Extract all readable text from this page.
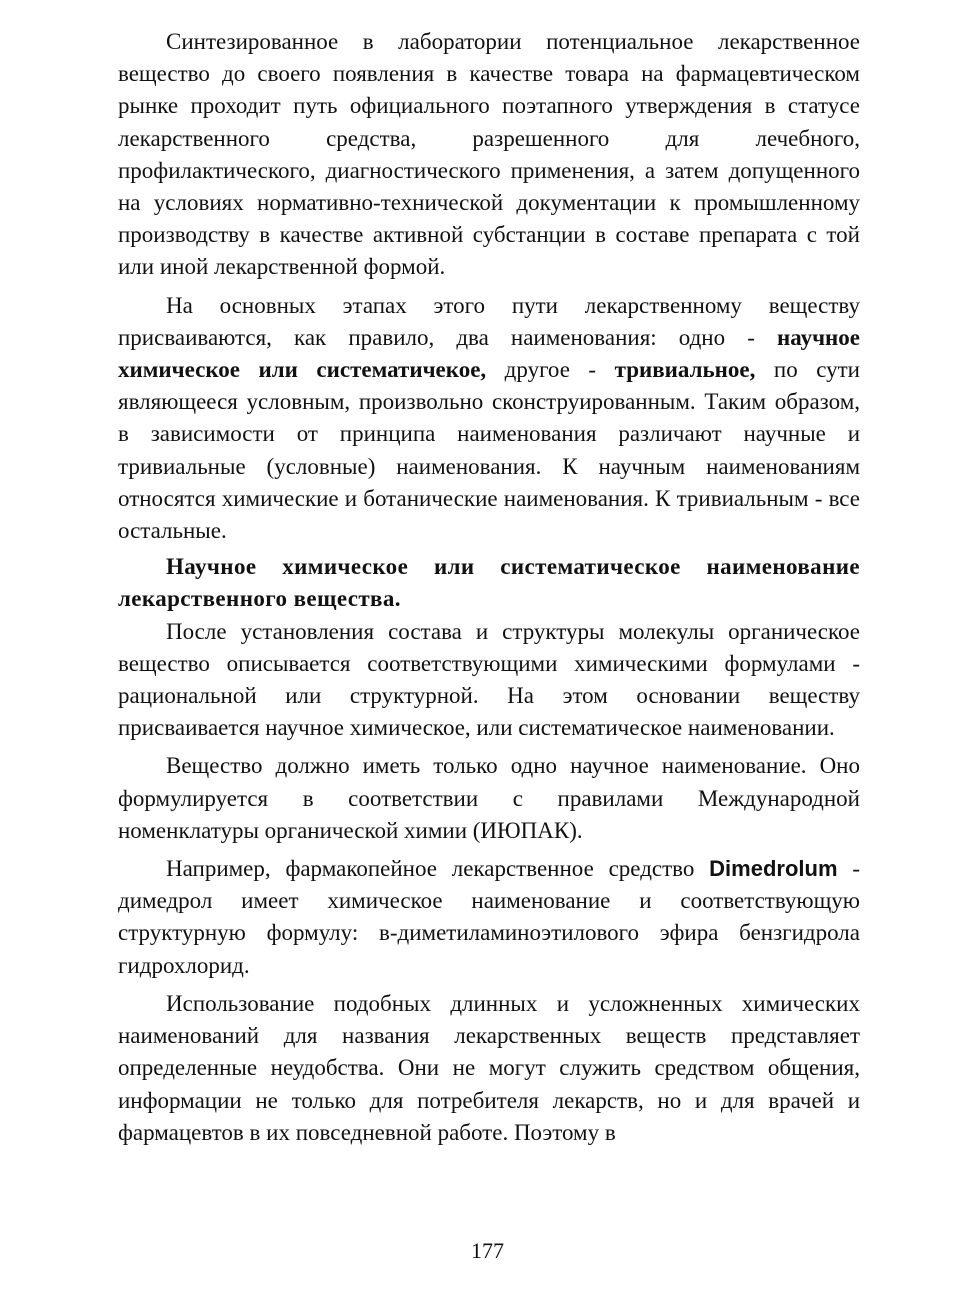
Синтезированное в лаборатории потенциальное лекарственное вещество до своего появления в качестве товара на фармацевтическом рынке проходит путь официального поэтапного утверждения в статусе лекарственного средства, разрешенного для лечебного, профилактического, диагностического применения, а затем допущенного на условиях нормативно-технической документации к промышленному производству в качестве активной субстанции в составе препарата с той или иной лекарственной формой.

На основных этапах этого пути лекарственному веществу присваиваются, как правило, два наименования: одно - научное химическое или систематичекое, другое - тривиальное, по сути являющееся условным, произвольно сконструированным. Таким образом, в зависимости от принципа наименования различают научные и тривиальные (условные) наименования. К научным наименованиям относятся химические и ботанические наименования. К тривиальным - все остальные.

Научное химическое или систематическое наименование лекарственного вещества.

После установления состава и структуры молекулы органическое вещество описывается соответствующими химическими формулами - рациональной или структурной. На этом основании веществу присваивается научное химическое, или систематическое наименовании.

Вещество должно иметь только одно научное наименование. Оно формулируется в соответствии с правилами Международной номенклатуры органической химии (ИЮПАК).

Например, фармакопейное лекарственное средство Dimedrolum - димедрол имеет химическое наименование и соответствующую структурную формулу: в-диметиламиноэтилового эфира бензгидрола гидрохлорид.

Использование подобных длинных и усложненных химических наименований для названия лекарственных веществ представляет определенные неудобства. Они не могут служить средством общения, информации не только для потребителя лекарств, но и для врачей и фармацевтов в их повседневной работе. Поэтому в

177
